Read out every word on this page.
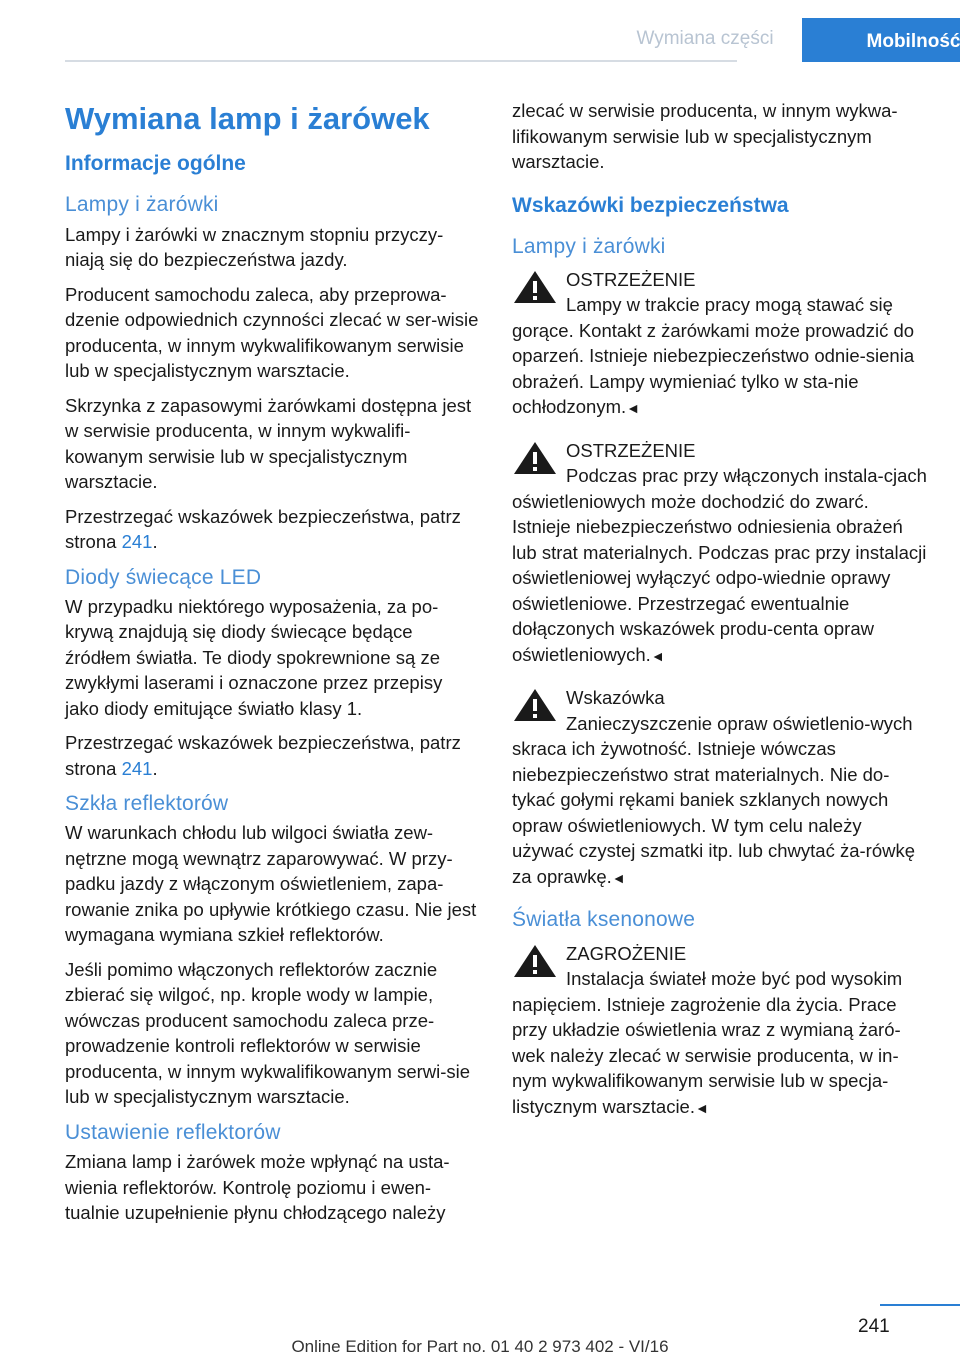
Wymiana części	Mobilność
Wymiana lamp i żarówek
Informacje ogólne
Lampy i żarówki

Lampy i żarówki w znacznym stopniu przyczy-niają się do bezpieczeństwa jazdy.

Producent samochodu zaleca, aby przeprowa-dzenie odpowiednich czynności zlecać w ser-wisie producenta, w innym wykwalifikowanym serwisie lub w specjalistycznym warsztacie.

Skrzynka z zapasowymi żarówkami dostępna jest w serwisie producenta, w innym wykwalifi-kowanym serwisie lub w specjalistycznym warsztacie.

Przestrzegać wskazówek bezpieczeństwa, patrz strona 241.

Diody świecące LED

W przypadku niektórego wyposażenia, za po-krywą znajdują się diody świecące będące źródłem światła. Te diody spokrewnione są ze zwykłymi laserami i oznaczone przez przepisy jako diody emitujące światło klasy 1.

Przestrzegać wskazówek bezpieczeństwa, patrz strona 241.

Szkła reflektorów

W warunkach chłodu lub wilgoci światła zew-nętrzne mogą wewnątrz zaparowywać. W przy-padku jazdy z włączonym oświetleniem, zapa-rowanie znika po upływie krótkiego czasu. Nie jest wymagana wymiana szkieł reflektorów.

Jeśli pomimo włączonych reflektorów zacznie zbierać się wilgoć, np. krople wody w lampie, wówczas producent samochodu zaleca prze-prowadzenie kontroli reflektorów w serwisie producenta, w innym wykwalifikowanym serwi-sie lub w specjalistycznym warsztacie.

Ustawienie reflektorów

Zmiana lamp i żarówek może wpłynąć na usta-wienia reflektorów. Kontrolę poziomu i ewen-tualnie uzupełnienie płynu chłodzącego należy

zlecać w serwisie producenta, w innym wykwa-lifikowanym serwisie lub w specjalistycznym warsztacie.

Wskazówki bezpieczeństwa
Lampy i żarówki

OSTRZEŻENIE

Lampy w trakcie pracy mogą stawać się gorące. Kontakt z żarówkami może prowadzić do oparzeń. Istnieje niebezpieczeństwo odnie-sienia obrażeń. Lampy wymieniać tylko w sta-nie ochłodzonym.◄

OSTRZEŻENIE

Podczas prac przy włączonych instala-cjach oświetleniowych może dochodzić do zwarć. Istnieje niebezpieczeństwo odniesienia obrażeń lub strat materialnych. Podczas prac przy instalacji oświetleniowej wyłączyć odpo-wiednie oprawy oświetleniowe. Przestrzegać ewentualnie dołączonych wskazówek produ-centa opraw oświetleniowych.◄

Wskazówka

Zanieczyszczenie opraw oświetlenio-wych skraca ich żywotność. Istnieje wówczas niebezpieczeństwo strat materialnych. Nie do-tykać gołymi rękami baniek szklanych nowych opraw oświetleniowych. W tym celu należy używać czystej szmatki itp. lub chwytać ża-rówkę za oprawkę.◄

Światła ksenonowe

ZAGROŻENIE

Instalacja świateł może być pod wysokim napięciem. Istnieje zagrożenie dla życia. Prace przy układzie oświetlenia wraz z wymianą żaró-wek należy zlecać w serwisie producenta, w in-nym wykwalifikowanym serwisie lub w specja-listycznym warsztacie.◄

241
Online Edition for Part no. 01 40 2 973 402 - VI/16
